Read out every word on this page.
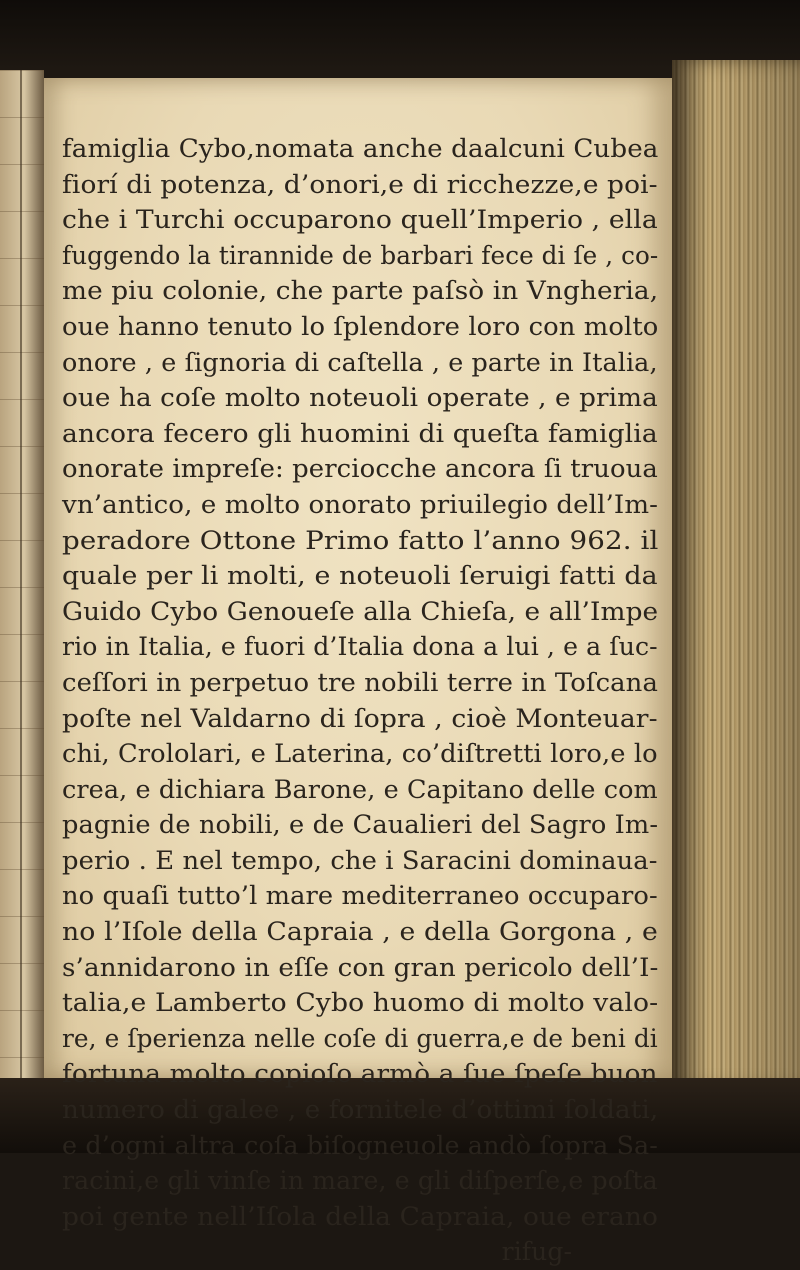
famiglia Cybo,nomata anche daalcuni Cubea
fiorí di potenza, d’onori,e di ricchezze,e poi-
che i Turchi occuparono quell’Imperio , ella
fuggendo la tirannide de barbari fece di ſe , co-
me piu colonie, che parte paſsò in Vngheria,
oue hanno tenuto lo ſplendore loro con molto
onore , e ſignoria di caſtella , e parte in Italia,
oue ha coſe molto noteuoli operate , e prima
ancora fecero gli huomini di queſta famiglia
onorate impreſe: perciocche ancora ſi truoua
vn’antico, e molto onorato priuilegio dell’Im-
peradore Ottone Primo fatto l’anno 962. il
quale per li molti, e noteuoli ſeruigi fatti da
Guido Cybo Genoueſe alla Chieſa, e all’Impe
rio in Italia, e fuori d’Italia dona a lui , e a ſuc-
ceſſori in perpetuo tre nobili terre in Toſcana
poſte nel Valdarno di ſopra , cioè Monteuar-
chi, Crololari, e Laterina, co’diſtretti loro,e lo
crea, e dichiara Barone, e Capitano delle com
pagnie de nobili, e de Caualieri del Sagro Im-
perio . E nel tempo, che i Saracini dominaua-
no quaſi tutto’l mare mediterraneo occuparo-
no l’Iſole della Capraia , e della Gorgona , e
s’annidarono in eſſe con gran pericolo dell’I-
talia,e Lamberto Cybo huomo di molto valo-
re, e ſperienza nelle coſe di guerra,e de beni di
fortuna molto copioſo armò a ſue ſpeſe buon
numero di galee , e fornitele d’ottimi ſoldati,
e d’ogni altra coſa biſogneuole andò ſopra Sa-
racini,e gli vinſe in mare, e gli diſperſe,e poſta
poi gente nell’Iſola della Capraia, oue erano
rifug-
